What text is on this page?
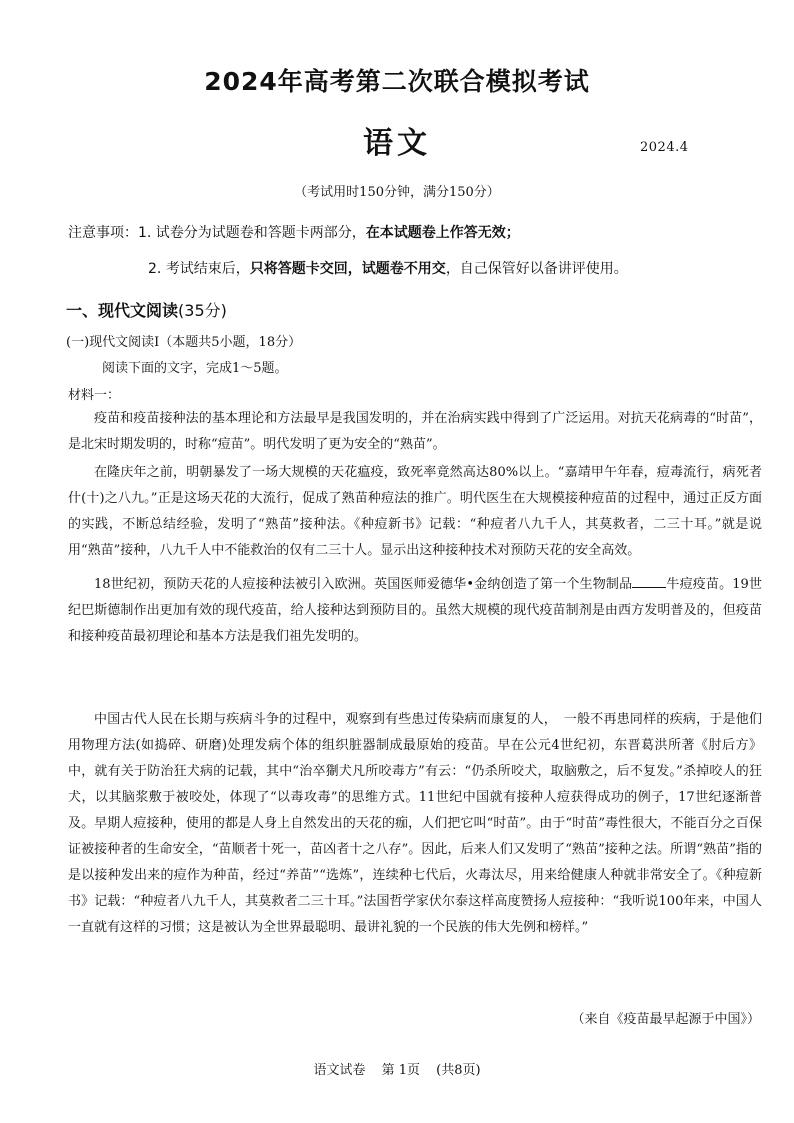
2024年高考第二次联合模拟考试
语文	2024.4
（考试用时150分钟，满分150分）
注意事项：1. 试卷分为试题卷和答题卡两部分，在本试题卷上作答无效；
2. 考试结束后，只将答题卡交回，试题卷不用交，自己保管好以备讲评使用。
一、现代文阅读(35分)
(一)现代文阅读I（本题共5小题，18分）
阅读下面的文字，完成1～5题。
材料一：

疫苗和疫苗接种法的基本理论和方法最早是我国发明的，并在治病实践中得到了广泛运用。对抗天花病毒的“时苗”，是北宋时期发明的，时称“痘苗”。明代发明了更为安全的“熟苗”。

在隆庆年之前，明朝暴发了一场大规模的天花瘟疫，致死率竟然高达80%以上。“嘉靖甲午年春，痘毒流行，病死者什(十)之八九。”正是这场天花的大流行，促成了熟苗种痘法的推广。明代医生在大规模接种痘苗的过程中，通过正反方面的实践，不断总结经验，发明了“熟苗”接种法。《种痘新书》记载：“种痘者八九千人，其莫救者，二三十耳。”就是说用“熟苗”接种，八九千人中不能救治的仅有二三十人。显示出这种接种技术对预防天花的安全高效。

18世纪初，预防天花的人痘接种法被引入欧洲。英国医师爱德华•金纳创造了第一个生物制品	牛痘疫苗。19世纪巴斯德制作出更加有效的现代疫苗，给人接种达到预防目的。虽然大规模的现代疫苗制剂是由西方发明普及的，但疫苗和接种疫苗最初理论和基本方法是我们祖先发明的。

中国古代人民在长期与疾病斗争的过程中，观察到有些患过传染病而康复的人，　一般不再患同样的疾病，于是他们用物理方法(如捣碎、研磨)处理发病个体的组织脏器制成最原始的疫苗。早在公元4世纪初，东晋葛洪所著《肘后方》中，就有关于防治狂犬病的记载，其中“治卒猘犬凡所咬毒方”有云：“仍杀所咬犬，取脑敷之，后不复发。”杀掉咬人的狂犬，以其脑浆敷于被咬处，体现了“以毒攻毒”的思维方式。11世纪中国就有接种人痘获得成功的例子，17世纪逐渐普及。早期人痘接种，使用的都是人身上自然发出的天花的痂，人们把它叫“时苗”。由于“时苗”毒性很大，不能百分之百保证被接种者的生命安全，“苗顺者十死一，苗凶者十之八存”。因此，后来人们又发明了“熟苗”接种之法。所谓“熟苗”指的是以接种发出来的痘作为种苗，经过“养苗”“选炼”，连续种七代后，火毒汰尽，用来给健康人种就非常安全了。《种痘新书》记载：“种痘者八九千人，其莫救者二三十耳。”法国哲学家伏尔泰这样高度赞扬人痘接种：“我听说100年来，中国人一直就有这样的习惯；这是被认为全世界最聪明、最讲礼貌的一个民族的伟大先例和榜样。”

（来自《疫苗最早起源于中国》）
语文试卷 第 1页 (共8页)
